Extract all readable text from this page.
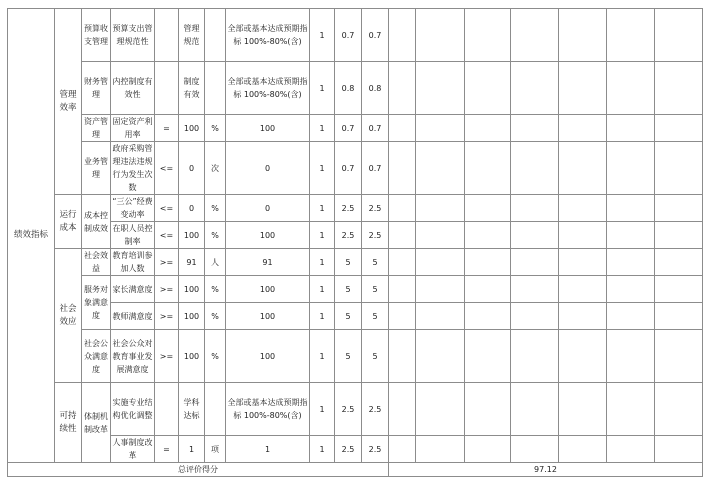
绩效指标	管理效率	预算收支管理	预算支出管理规范性		管理规范		全部或基本达成预期指标 100%-80%(含)	1	0.7	0.7							
		财务管理	内控制度有效性		制度有效		全部或基本达成预期指标 100%-80%(含)	1	0.8	0.8							
		资产管理	固定资产利用率	=	100	%	100	1	0.7	0.7							
		业务管理	政府采购管理违法违规行为发生次数	<=	0	次	0	1	0.7	0.7							
	运行成本	成本控制成效	“三公”经费变动率	<=	0	%	0	1	2.5	2.5							
			在职人员控制率	<=	100	%	100	1	2.5	2.5							
	社会效应	社会效益	教育培训参加人数	>=	91	人	91	1	5	5							
		服务对象满意度	家长满意度	>=	100	%	100	1	5	5							
			教师满意度	>=	100	%	100	1	5	5							
		社会公众满意度	社会公众对教育事业发展满意度	>=	100	%	100	1	5	5							
	可持续性	体制机制改革	实施专业结构优化调整		学科达标		全部或基本达成预期指标 100%-80%(含)	1	2.5	2.5							
			人事制度改革	=	1	项	1	1	2.5	2.5							
总评价得分											97.12						
